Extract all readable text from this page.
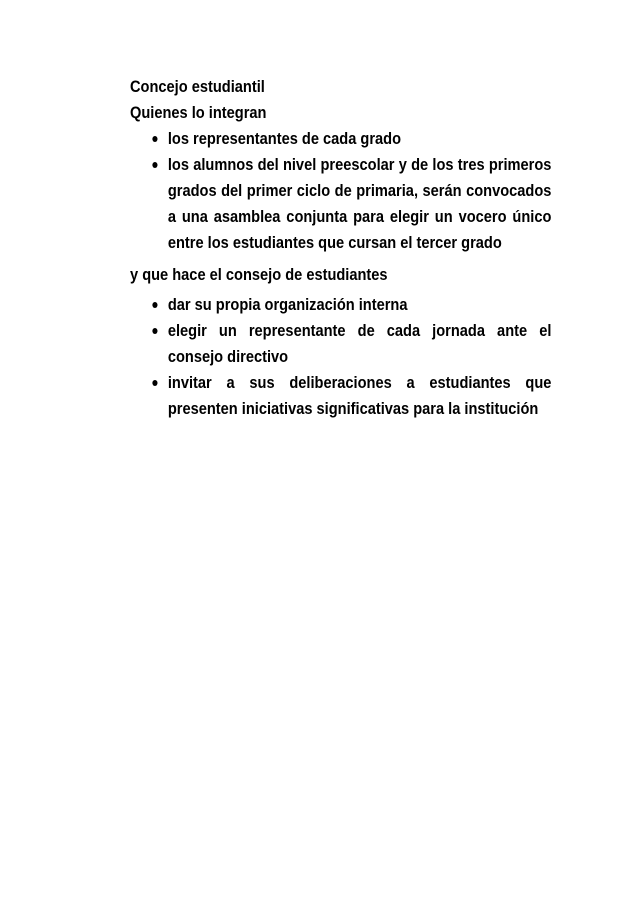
Concejo estudiantil

Quienes lo integran

los representantes de cada grado
los alumnos del nivel preescolar y de los tres primeros grados del primer ciclo de primaria, serán convocados a una asamblea conjunta para elegir un vocero único entre los estudiantes que cursan el tercer grado

y que hace el consejo de estudiantes

dar su propia organización interna
elegir un representante de cada jornada ante el consejo directivo
invitar a sus deliberaciones a estudiantes que presenten iniciativas significativas para la institución
